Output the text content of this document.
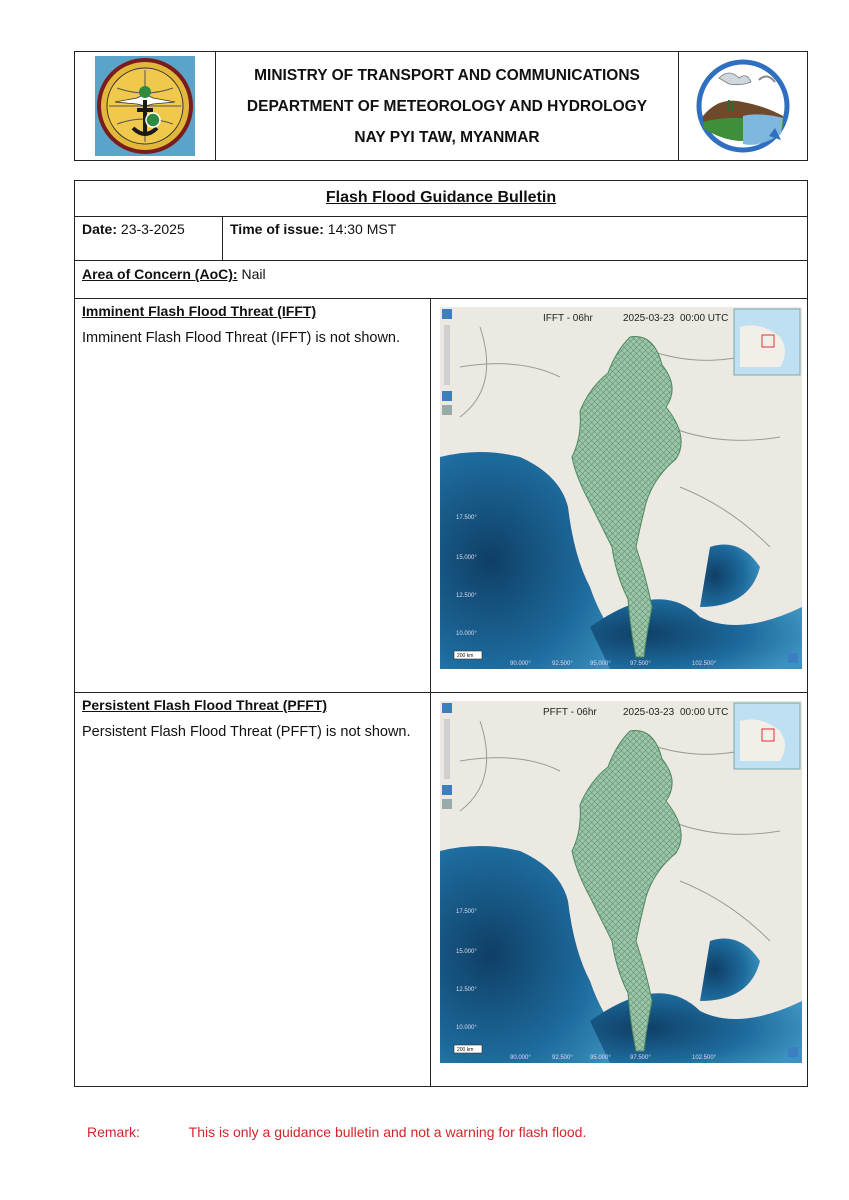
MINISTRY OF TRANSPORT AND COMMUNICATIONS
DEPARTMENT OF METEOROLOGY AND HYDROLOGY
NAY PYI TAW, MYANMAR
Flash Flood Guidance Bulletin
Date: 23-3-2025	Time of issue: 14:30 MST
Area of Concern (AoC): Nail
Imminent Flash Flood Threat (IFFT)
Imminent Flash Flood Threat (IFFT) is not shown.
IFFT - 06hr	2025-03-23 00:00 UTC
17.500°
15.000°
12.500°
10.000°
90.000°	92.500°	95.000°	97.500°	102.500°
200 km
Persistent Flash Flood Threat (PFFT)
Persistent Flash Flood Threat (PFFT) is not shown.
PFFT - 06hr	2025-03-23 00:00 UTC
17.500°
15.000°
12.500°
10.000°
90.000°	92.500°	95.000°	97.500°	102.500°
200 km
Remark:	This is only a guidance bulletin and not a warning for flash flood.
